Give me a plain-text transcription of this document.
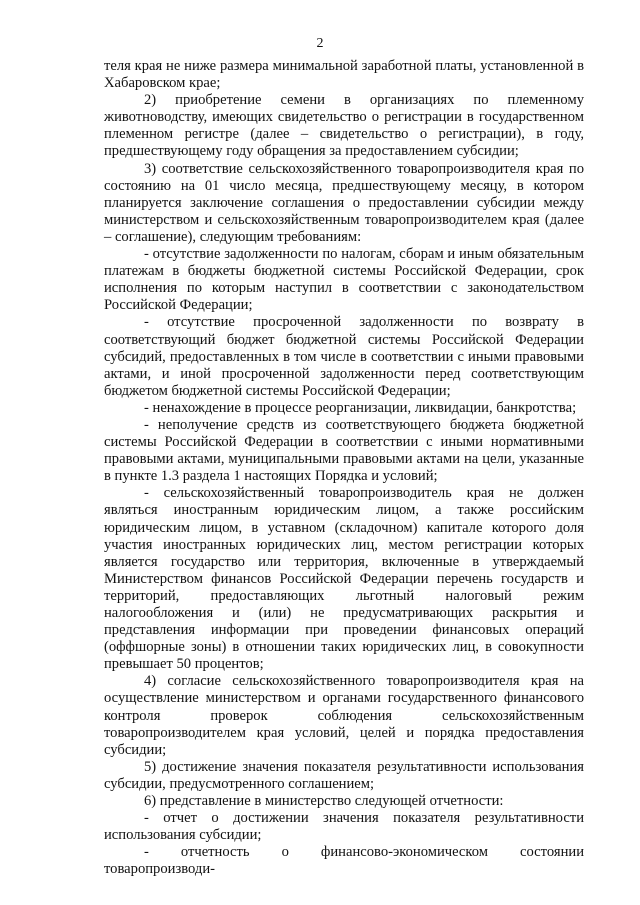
2

теля края не ниже размера минимальной заработной платы, установленной в Хабаровском крае;

2) приобретение семени в организациях по племенному животноводству, имеющих свидетельство о регистрации в государственном племенном регистре (далее – свидетельство о регистрации), в году, предшествующему году обращения за предоставлением субсидии;

3) соответствие сельскохозяйственного товаропроизводителя края по состоянию на 01 число месяца, предшествующему месяцу, в котором планируется заключение соглашения о предоставлении субсидии между министерством и сельскохозяйственным товаропроизводителем края (далее – соглашение), следующим требованиям:

- отсутствие задолженности по налогам, сборам и иным обязательным платежам в бюджеты бюджетной системы Российской Федерации, срок исполнения по которым наступил в соответствии с законодательством Российской Федерации;

- отсутствие просроченной задолженности по возврату в соответствующий бюджет бюджетной системы Российской Федерации субсидий, предоставленных в том числе в соответствии с иными правовыми актами, и иной просроченной задолженности перед соответствующим бюджетом бюджетной системы Российской Федерации;

- ненахождение в процессе реорганизации, ликвидации, банкротства;

- неполучение средств из соответствующего бюджета бюджетной системы Российской Федерации в соответствии с иными нормативными правовыми актами, муниципальными правовыми актами на цели, указанные в пункте 1.3 раздела 1 настоящих Порядка и условий;

- сельскохозяйственный товаропроизводитель края не должен являться иностранным юридическим лицом, а также российским юридическим лицом, в уставном (складочном) капитале которого доля участия иностранных юридических лиц, местом регистрации которых является государство или территория, включенные в утверждаемый Министерством финансов Российской Федерации перечень государств и территорий, предоставляющих льготный налоговый режим налогообложения и (или) не предусматривающих раскрытия и представления информации при проведении финансовых операций (оффшорные зоны) в отношении таких юридических лиц, в совокупности превышает 50 процентов;

4) согласие сельскохозяйственного товаропроизводителя края на осуществление министерством и органами государственного финансового контроля проверок соблюдения сельскохозяйственным товаропроизводителем края условий, целей и порядка предоставления субсидии;

5) достижение значения показателя результативности использования субсидии, предусмотренного соглашением;

6) представление в министерство следующей отчетности:

- отчет о достижении значения показателя результативности использования субсидии;

- отчетность о финансово-экономическом состоянии товаропроизводи-
